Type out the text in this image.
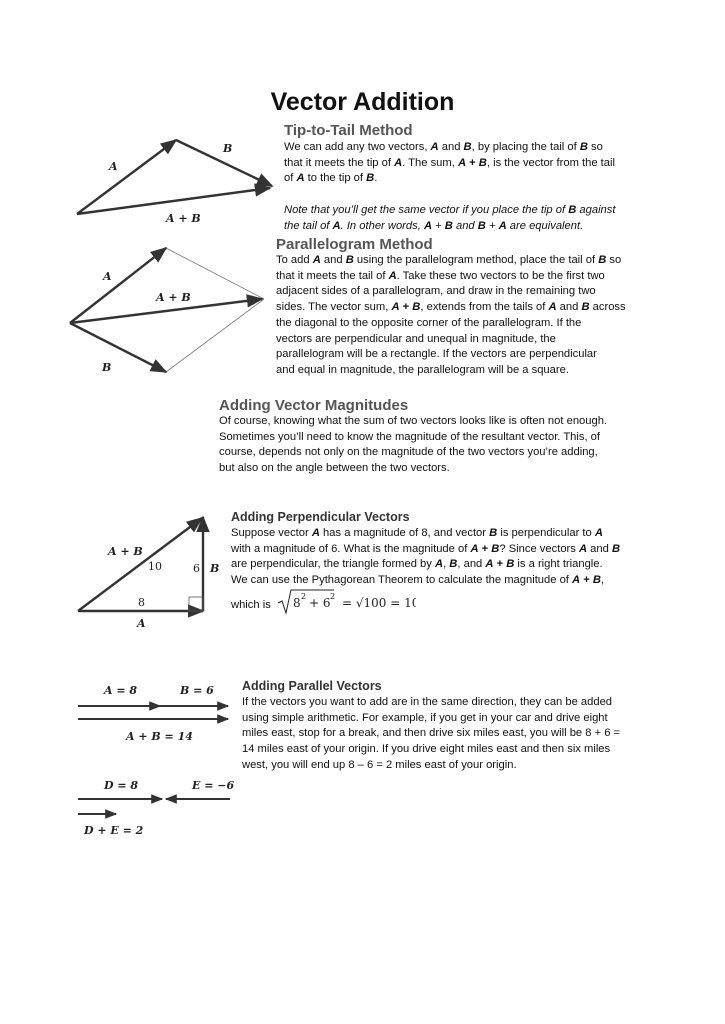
Vector Addition
Tip-to-Tail Method
We can add any two vectors, A and B, by placing the tail of B so
that it meets the tip of A. The sum, A + B, is the vector from the tail
of A to the tip of B.
Note that you’ll get the same vector if you place the tip of B against
the tail of A. In other words, A + B and B + A are equivalent.
A
B
A + B
Parallelogram Method
To add A and B using the parallelogram method, place the tail of B so
that it meets the tail of A. Take these two vectors to be the first two
adjacent sides of a parallelogram, and draw in the remaining two
sides. The vector sum, A + B, extends from the tails of A and B across
the diagonal to the opposite corner of the parallelogram. If the
vectors are perpendicular and unequal in magnitude, the
parallelogram will be a rectangle. If the vectors are perpendicular
and equal in magnitude, the parallelogram will be a square.
A
A + B
B
Adding Vector Magnitudes
Of course, knowing what the sum of two vectors looks like is often not enough.
Sometimes you’ll need to know the magnitude of the resultant vector. This, of
course, depends not only on the magnitude of the two vectors you’re adding,
but also on the angle between the two vectors.
Adding Perpendicular Vectors
Suppose vector A has a magnitude of 8, and vector B is perpendicular to A
with a magnitude of 6. What is the magnitude of A + B? Since vectors A and B
are perpendicular, the triangle formed by A, B, and A + B is a right triangle.
We can use the Pythagorean Theorem to calculate the magnitude of A + B,
which is 8 2 + 6 2 = √100 = 10.
A + B
B
A
10	6
8
Adding Parallel Vectors
If the vectors you want to add are in the same direction, they can be added
using simple arithmetic. For example, if you get in your car and drive eight
miles east, stop for a break, and then drive six miles east, you will be 8 + 6 =
14 miles east of your origin. If you drive eight miles east and then six miles
west, you will end up 8 – 6 = 2 miles east of your origin.
A = 8	B = 6
A + B = 14
D = 8	E = −6
D + E = 2
